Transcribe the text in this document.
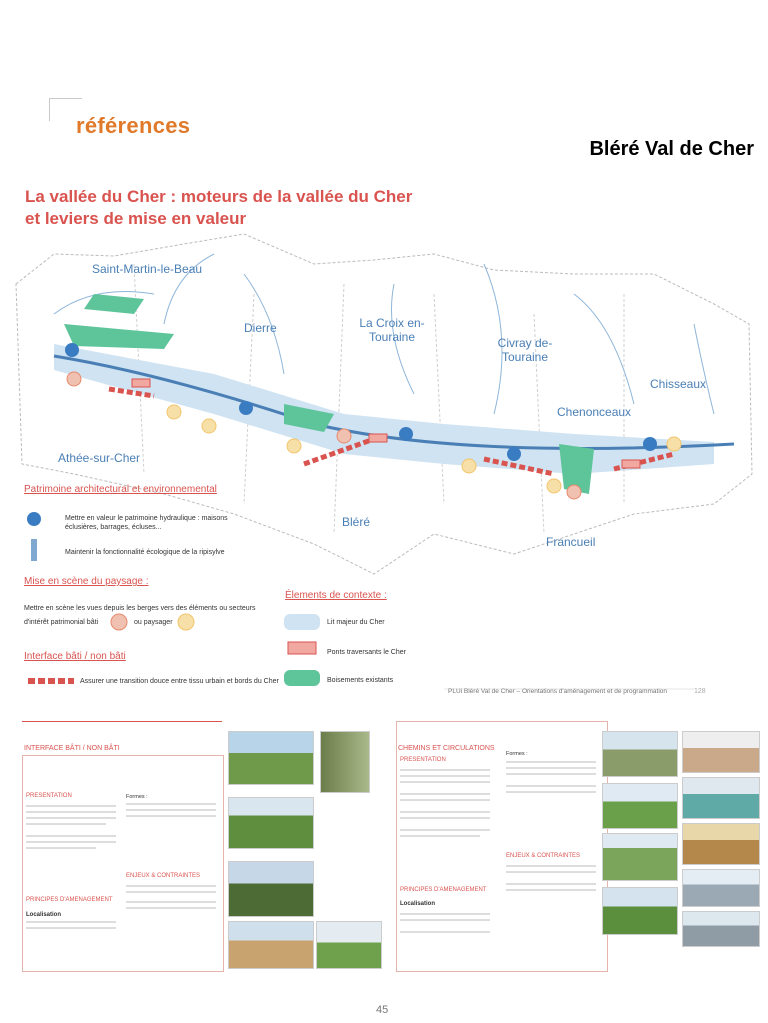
références
Bléré Val de Cher
La vallée du Cher : moteurs de la vallée du Cher et leviers de mise en valeur
Saint-Martin-le-Beau
Dierre	La Croix en-Touraine	Civray de-Touraine
Chisseaux
Chenonceaux
Athée-sur-Cher
Bléré
Francueil
Patrimoine architectural et environnemental
Mettre en valeur le patrimoine hydraulique : maisons éclusières, barrages, écluses...
Maintenir la fonctionnalité écologique de la ripisylve
Mise en scène du paysage :
Mettre en scène les vues depuis les berges vers des éléments ou secteurs
d'intérêt patrimonial bâti	ou paysager
Interface bâti / non bâti
Assurer une transition douce entre tissu urbain et bords du Cher
Élements de contexte :
Lit majeur du Cher
Ponts traversants le Cher
Boisements existants
PLUi Bléré Val de Cher – Orientations d'aménagement et de programmation	128
INTERFACE BÂTI / NON BÂTI
PRESENTATION
PRINCIPES D'AMENAGEMENT
Localisation
Formes :
ENJEUX & CONTRAINTES
CHEMINS ET CIRCULATIONS
PRESENTATION
PRINCIPES D'AMENAGEMENT
Localisation
Formes :
ENJEUX & CONTRAINTES
45
